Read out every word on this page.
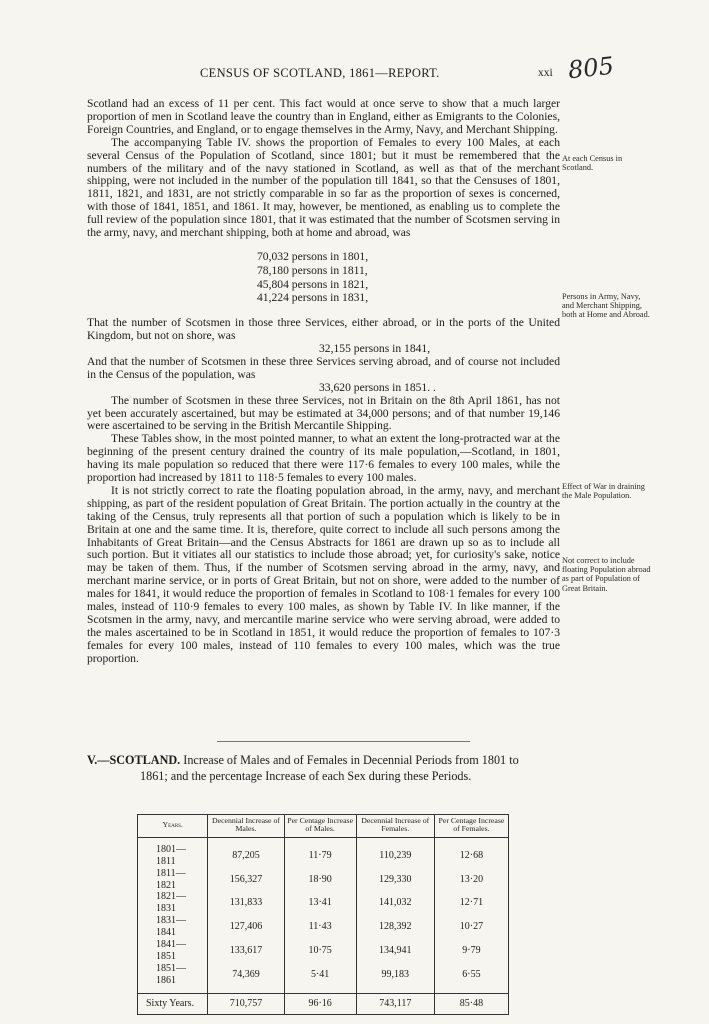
CENSUS OF SCOTLAND, 1861—REPORT.	xxi 805

Scotland had an excess of 11 per cent. This fact would at once serve to show that a much larger proportion of men in Scotland leave the country than in England, either as Emigrants to the Colonies, Foreign Countries, and England, or to engage themselves in the Army, Navy, and Merchant Shipping.

The accompanying Table IV. shows the proportion of Females to every 100 Males, at each several Census of the Population of Scotland, since 1801; but it must be remembered that the numbers of the military and of the navy stationed in Scotland, as well as that of the merchant shipping, were not included in the number of the population till 1841, so that the Censuses of 1801, 1811, 1821, and 1831, are not strictly comparable in so far as the proportion of sexes is concerned, with those of 1841, 1851, and 1861. It may, however, be mentioned, as enabling us to complete the full review of the population since 1801, that it was estimated that the number of Scotsmen serving in the army, navy, and merchant shipping, both at home and abroad, was

70,032 persons in 1801,
78,180 persons in 1811,
45,804 persons in 1821,
41,224 persons in 1831,

That the number of Scotsmen in those three Services, either abroad, or in the ports of the United Kingdom, but not on shore, was

32,155 persons in 1841,

And that the number of Scotsmen in these three Services serving abroad, and of course not included in the Census of the population, was

33,620 persons in 1851. .

The number of Scotsmen in these three Services, not in Britain on the 8th April 1861, has not yet been accurately ascertained, but may be estimated at 34,000 persons; and of that number 19,146 were ascertained to be serving in the British Mercantile Shipping.

These Tables show, in the most pointed manner, to what an extent the long-protracted war at the beginning of the present century drained the country of its male population,—Scotland, in 1801, having its male population so reduced that there were 117·6 females to every 100 males, while the proportion had increased by 1811 to 118·5 females to every 100 males.

It is not strictly correct to rate the floating population abroad, in the army, navy, and merchant shipping, as part of the resident population of Great Britain. The portion actually in the country at the taking of the Census, truly represents all that portion of such a population which is likely to be in Britain at one and the same time. It is, therefore, quite correct to include all such persons among the Inhabitants of Great Britain—and the Census Abstracts for 1861 are drawn up so as to include all such portion. But it vitiates all our statistics to include those abroad; yet, for curiosity's sake, notice may be taken of them. Thus, if the number of Scotsmen serving abroad in the army, navy, and merchant marine service, or in ports of Great Britain, but not on shore, were added to the number of males for 1841, it would reduce the proportion of females in Scotland to 108·1 females for every 100 males, instead of 110·9 females to every 100 males, as shown by Table IV. In like manner, if the Scotsmen in the army, navy, and mercantile marine service who were serving abroad, were added to the males ascertained to be in Scotland in 1851, it would reduce the proportion of females to 107·3 females for every 100 males, instead of 110 females to every 100 males, which was the true proportion.

At each Census in Scotland.
Persons in Army, Navy, and Merchant Shipping, both at Home and Abroad.
Effect of War in draining the Male Population.
Not correct to include floating Population abroad as part of Population of Great Britain.
V.—SCOTLAND. Increase of Males and of Females in Decennial Periods from 1801 to
1861; and the percentage Increase of each Sex during these Periods.
Years.	Decennial Increase of Males.	Per Centage Increase of Males.	Decennial Increase of Females.	Per Centage Increase of Females.
1801—1811	87,205	11·79	110,239	12·68
1811—1821	156,327	18·90	129,330	13·20
1821—1831	131,833	13·41	141,032	12·71
1831—1841	127,406	11·43	128,392	10·27
1841—1851	133,617	10·75	134,941	9·79
1851—1861	74,369	5·41	99,183	6·55
Sixty Years.	710,757	96·16	743,117	85·48
